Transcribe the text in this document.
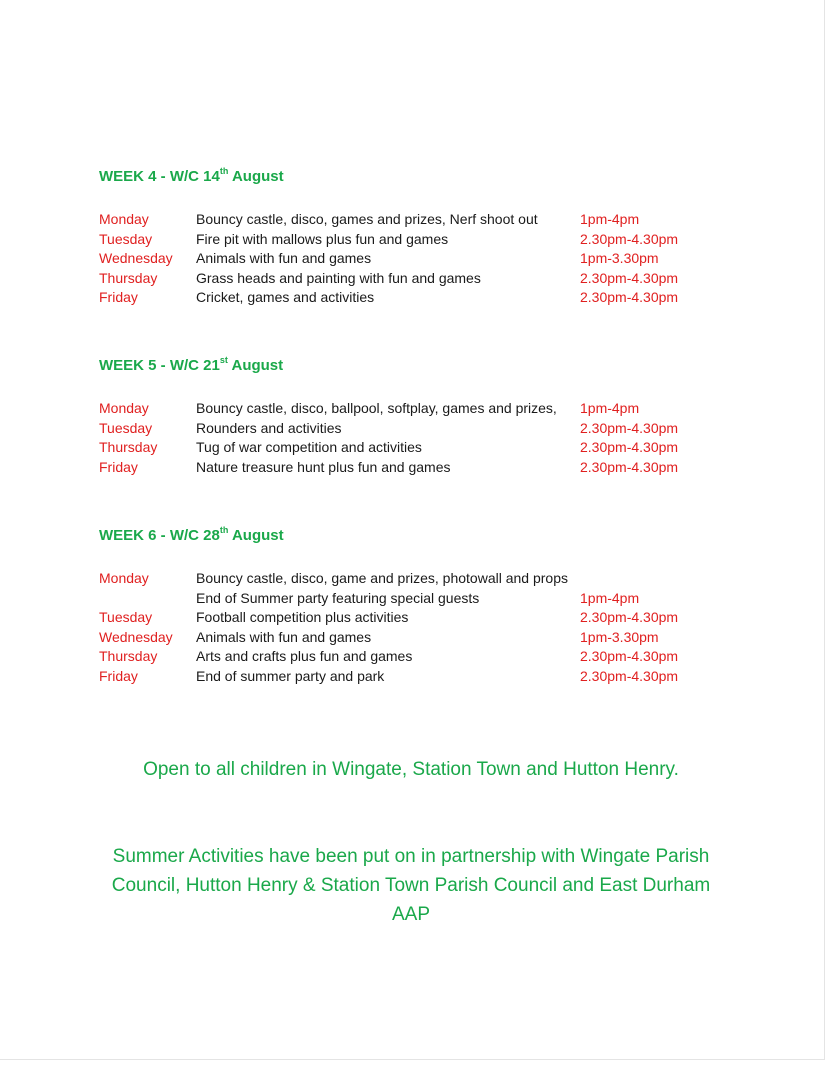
WEEK 4 - W/C 14th August
Monday	Bouncy castle, disco, games and prizes, Nerf shoot out	1pm-4pm
Tuesday	Fire pit with mallows plus fun and games	2.30pm-4.30pm
Wednesday Animals with fun and games	1pm-3.30pm
Thursday	Grass heads and painting with fun and games	2.30pm-4.30pm
Friday	Cricket, games and activities	2.30pm-4.30pm
WEEK 5 - W/C 21st August
Monday	Bouncy castle, disco, ballpool, softplay, games and prizes, 1pm-4pm
Tuesday	Rounders and activities	2.30pm-4.30pm
Thursday	Tug of war competition and activities	2.30pm-4.30pm
Friday	Nature treasure hunt plus fun and games	2.30pm-4.30pm
WEEK 6 - W/C 28th August
Monday	Bouncy castle, disco, game and prizes, photowall and props
End of Summer party featuring special guests	1pm-4pm
Tuesday	Football competition plus activities	2.30pm-4.30pm
Wednesday Animals with fun and games	1pm-3.30pm
Thursday	Arts and crafts plus fun and games	2.30pm-4.30pm
Friday	End of summer party and park	2.30pm-4.30pm

Open to all children in Wingate, Station Town and Hutton Henry.

Summer Activities have been put on in partnership with Wingate Parish Council, Hutton Henry & Station Town Parish Council and East Durham AAP
